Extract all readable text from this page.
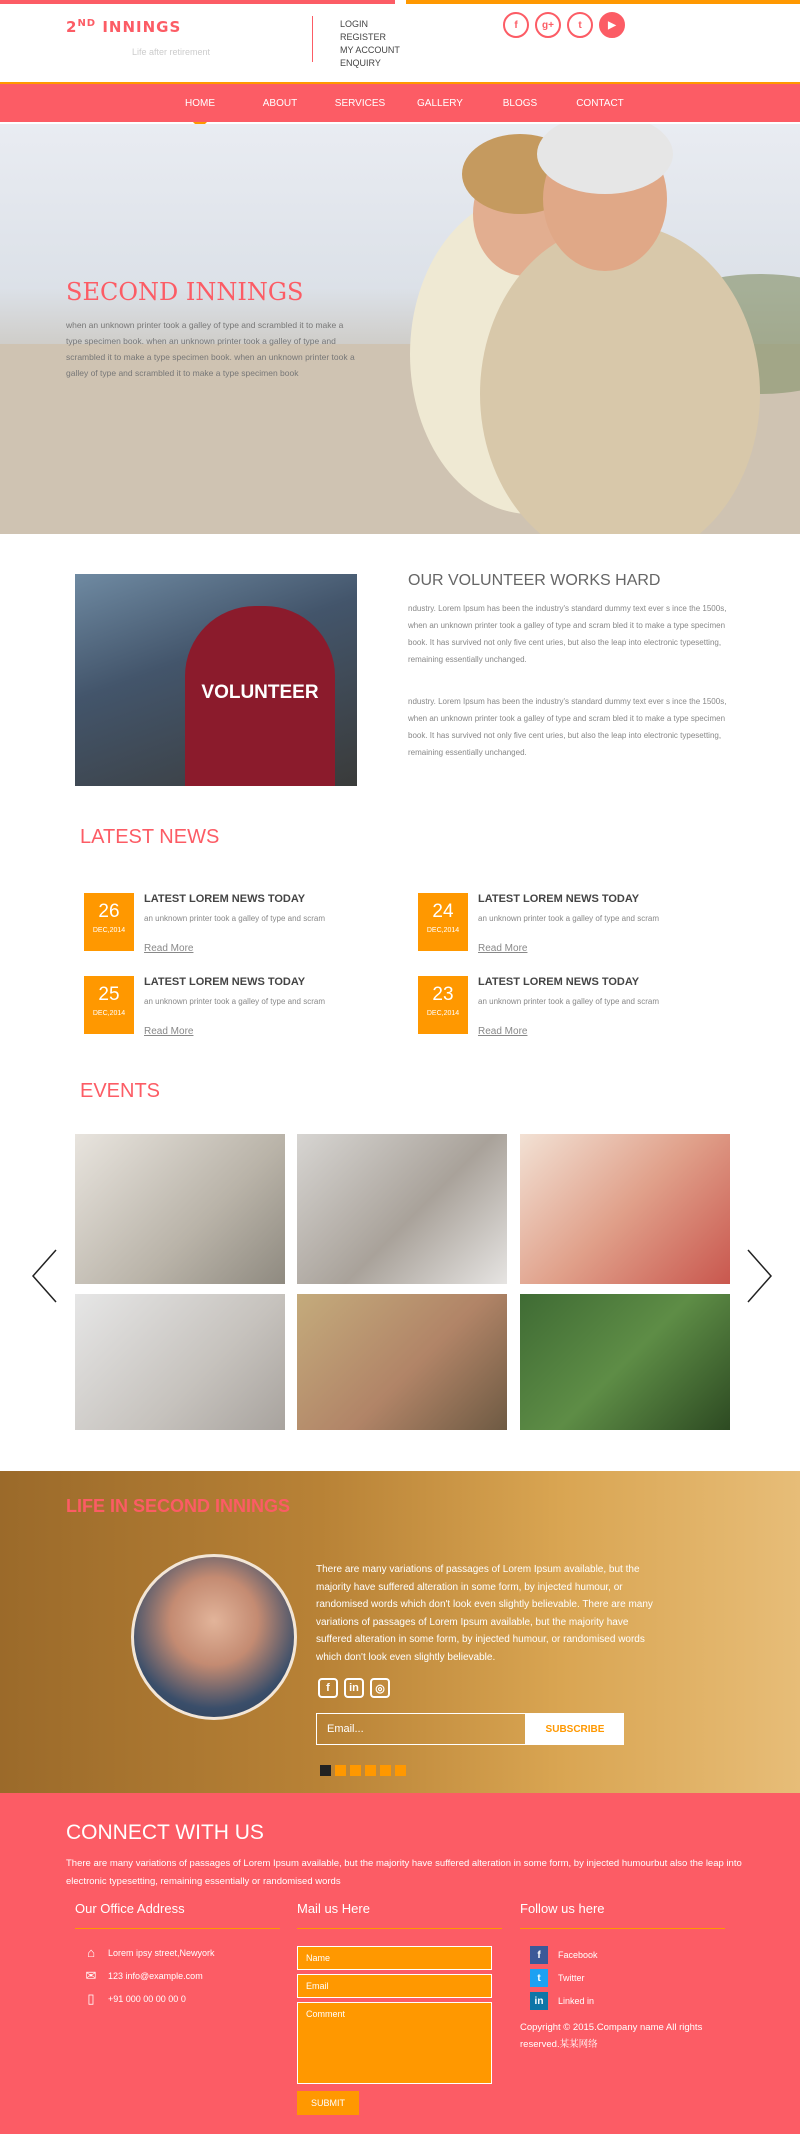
2ND INNINGS
Life after retirement
LOGIN
REGISTER
MY ACCOUNT
ENQUIRY
f	g+	t	▶
HOME	ABOUT	SERVICES	GALLERY	BLOGS	CONTACT
SECOND INNINGS
when an unknown printer took a galley of type and scrambled it to make a type specimen book. when an unknown printer took a galley of type and scrambled it to make a type specimen book. when an unknown printer took a galley of type and scrambled it to make a type specimen book
VOLUNTEER
OUR VOLUNTEER WORKS HARD
ndustry. Lorem Ipsum has been the industry's standard dummy text ever s ince the 1500s, when an unknown printer took a galley of type and scram bled it to make a type specimen book. It has survived not only five cent uries, but also the leap into electronic typesetting, remaining essentially unchanged.
ndustry. Lorem Ipsum has been the industry's standard dummy text ever s ince the 1500s, when an unknown printer took a galley of type and scram bled it to make a type specimen book. It has survived not only five cent uries, but also the leap into electronic typesetting, remaining essentially unchanged.
LATEST NEWS
26
DEC,2014
LATEST LOREM NEWS TODAY
an unknown printer took a galley of type and scram
Read More
24
DEC,2014
LATEST LOREM NEWS TODAY
an unknown printer took a galley of type and scram
Read More
25
DEC,2014
LATEST LOREM NEWS TODAY
an unknown printer took a galley of type and scram
Read More
23
DEC,2014
LATEST LOREM NEWS TODAY
an unknown printer took a galley of type and scram
Read More
EVENTS
LIFE IN SECOND INNINGS
There are many variations of passages of Lorem Ipsum available, but the majority have suffered alteration in some form, by injected humour, or randomised words which don't look even slightly believable. There are many variations of passages of Lorem Ipsum available, but the majority have suffered alteration in some form, by injected humour, or randomised words which don't look even slightly believable.
f	in	◎
Email...
SUBSCRIBE
CONNECT WITH US
There are many variations of passages of Lorem Ipsum available, but the majority have suffered alteration in some form, by injected humourbut also the leap into electronic typesetting, remaining essentially or randomised words
Our Office Address
⌂	Lorem ipsy street,Newyork
✉	123 info@example.com
▯	+91 000 00 00 00 0
Mail us Here
Name
Email
Comment
SUBMIT
Follow us here
f	Facebook
t	Twitter
in	Linked in
Copyright © 2015.Company name All rights reserved.某某网络
